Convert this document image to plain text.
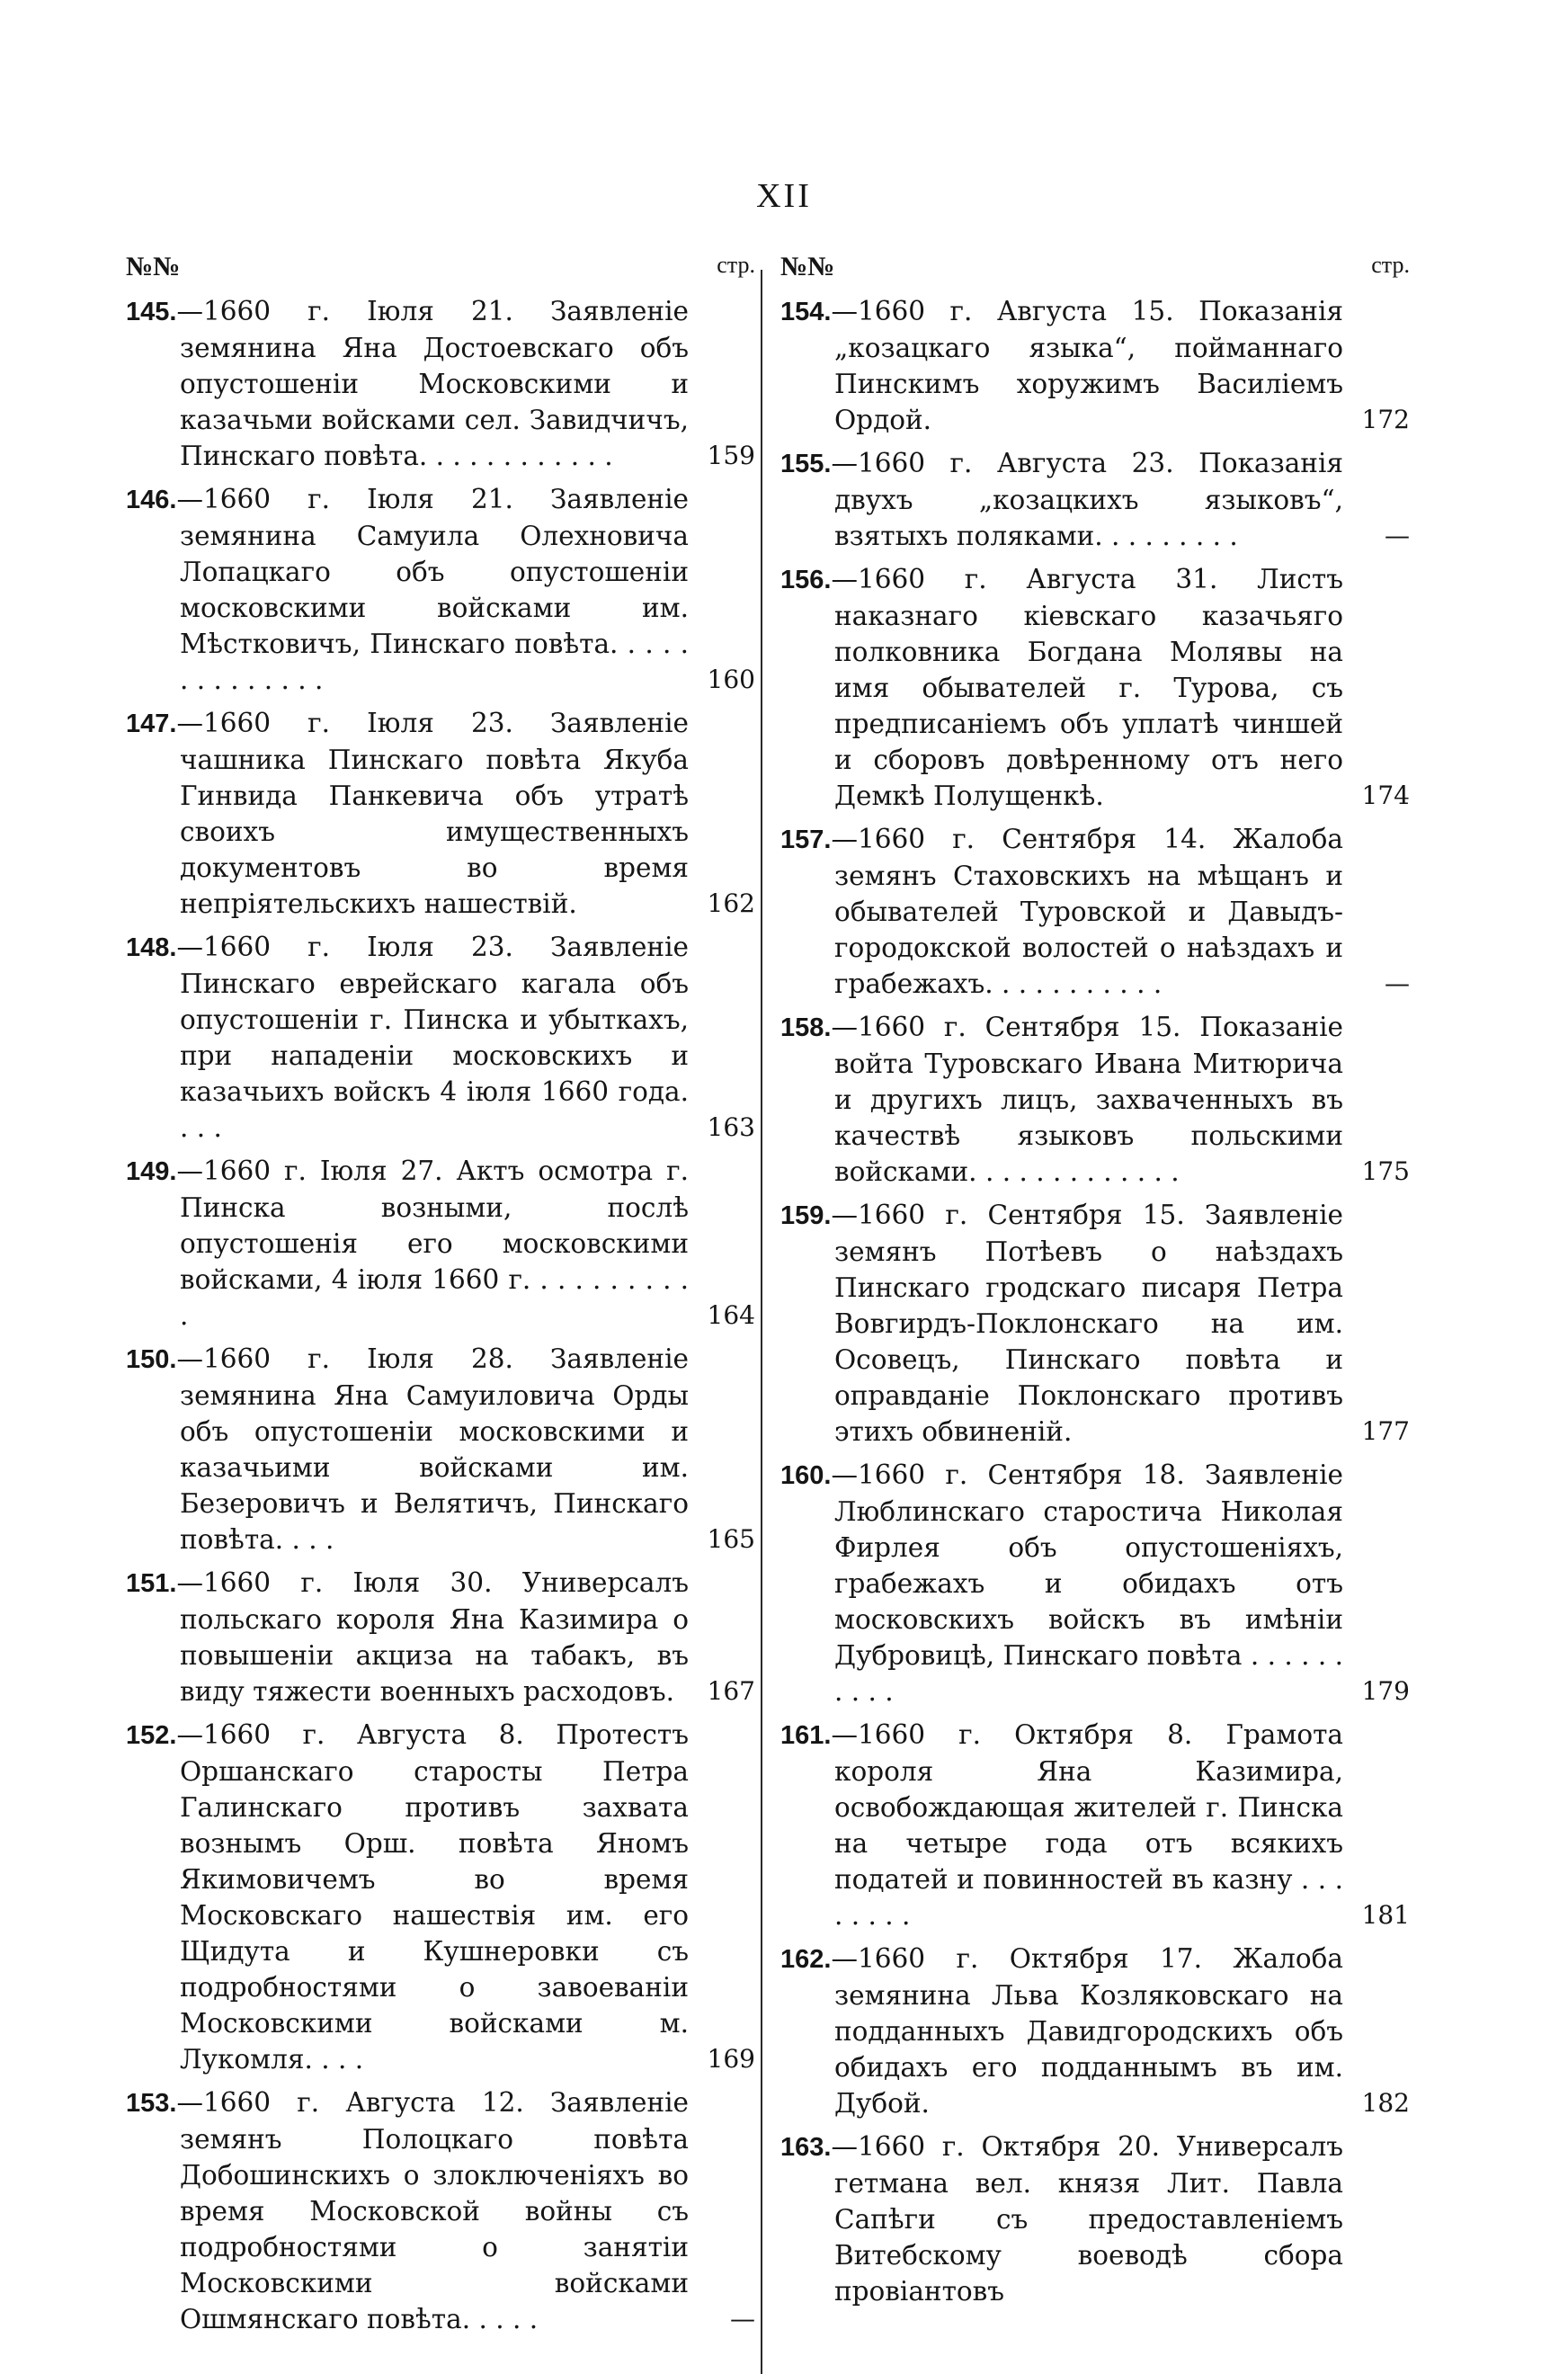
XII
№№	стр.
145.—1660 г. Іюля 21. Заявленіе земянина Яна Достоевскаго объ опустошеніи Московскими и казачьми войсками сел. Завидчичъ, Пинскаго повѣта. . . . . . . . . . . .	159
146.—1660 г. Іюля 21. Заявленіе земянина Самуила Олехновича Лопацкаго объ опустошеніи московскими войсками им. Мѣстковичъ, Пинскаго повѣта. . . . . . . . . . . . . .	160
147.—1660 г. Іюля 23. Заявленіе чашника Пинскаго повѣта Якуба Гинвида Панкевича объ утратѣ своихъ имущественныхъ документовъ во время непріятельскихъ нашествій.	162
148.—1660 г. Іюля 23. Заявленіе Пинскаго еврейскаго кагала объ опустошеніи г. Пинска и убыткахъ, при нападеніи московскихъ и казачьихъ войскъ 4 іюля 1660 года. . . .	163
149.—1660 г. Іюля 27. Актъ осмотра г. Пинска возными, послѣ опустошенія его московскими войсками, 4 іюля 1660 г. . . . . . . . . . .	164
150.—1660 г. Іюля 28. Заявленіе земянина Яна Самуиловича Орды объ опустошеніи московскими и казачьими войсками им. Безеровичъ и Велятичъ, Пинскаго повѣта. . . .	165
151.—1660 г. Іюля 30. Универсалъ польскаго короля Яна Казимира о повышеніи акциза на табакъ, въ виду тяжести военныхъ расходовъ.	167
152.—1660 г. Августа 8. Протестъ Оршанскаго старосты Петра Галинскаго противъ захвата вознымъ Орш. повѣта Яномъ Якимовичемъ во время Московскаго нашествія им. его Щидута и Кушнеровки съ подробностями о завоеваніи Московскими войсками м. Лукомля. . . .	169
153.—1660 г. Августа 12. Заявленіе земянъ Полоцкаго повѣта Добошинскихъ о злоключеніяхъ во время Московской войны съ подробностями о занятіи Московскими войсками Ошмянскаго повѣта. . . . .	—
№№	стр.
154.—1660 г. Августа 15. Показанія „козацкаго языка“, пойманнаго Пинскимъ хоружимъ Василіемъ Ордой.	172
155.—1660 г. Августа 23. Показанія двухъ „козацкихъ языковъ“, взятыхъ поляками. . . . . . . . .	—
156.—1660 г. Августа 31. Листъ наказнаго кіевскаго казачьяго полковника Богдана Молявы на имя обывателей г. Турова, съ предписаніемъ объ уплатѣ чиншей и сборовъ довѣренному отъ него Демкѣ Полущенкѣ.	174
157.—1660 г. Сентября 14. Жалоба земянъ Стаховскихъ на мѣщанъ и обывателей Туровской и Давыдъ-городокской волостей о наѣздахъ и грабежахъ. . . . . . . . . . .	—
158.—1660 г. Сентября 15. Показаніе войта Туровскаго Ивана Митюрича и другихъ лицъ, захваченныхъ въ качествѣ языковъ польскими войсками. . . . . . . . . . . . .	175
159.—1660 г. Сентября 15. Заявленіе земянъ Потѣевъ о наѣздахъ Пинскаго гродскаго писаря Петра Вовгирдъ-Поклонскаго на им. Осовецъ, Пинскаго повѣта и оправданіе Поклонскаго противъ этихъ обвиненій.	177
160.—1660 г. Сентября 18. Заявленіе Люблинскаго старостича Николая Фирлея объ опустошеніяхъ, грабежахъ и обидахъ отъ московскихъ войскъ въ имѣніи Дубровицѣ, Пинскаго повѣта . . . . . . . . . .	179
161.—1660 г. Октября 8. Грамота короля Яна Казимира, освобождающая жителей г. Пинска на четыре года отъ всякихъ податей и повинностей въ казну . . . . . . . .	181
162.—1660 г. Октября 17. Жалоба земянина Льва Козляковскаго на подданныхъ Давидгородскихъ объ обидахъ его подданнымъ въ им. Дубой.	182
163.—1660 г. Октября 20. Универсалъ гетмана вел. князя Лит. Павла Сапѣги съ предоставленіемъ Витебскому воеводѣ сбора провіантовъ
